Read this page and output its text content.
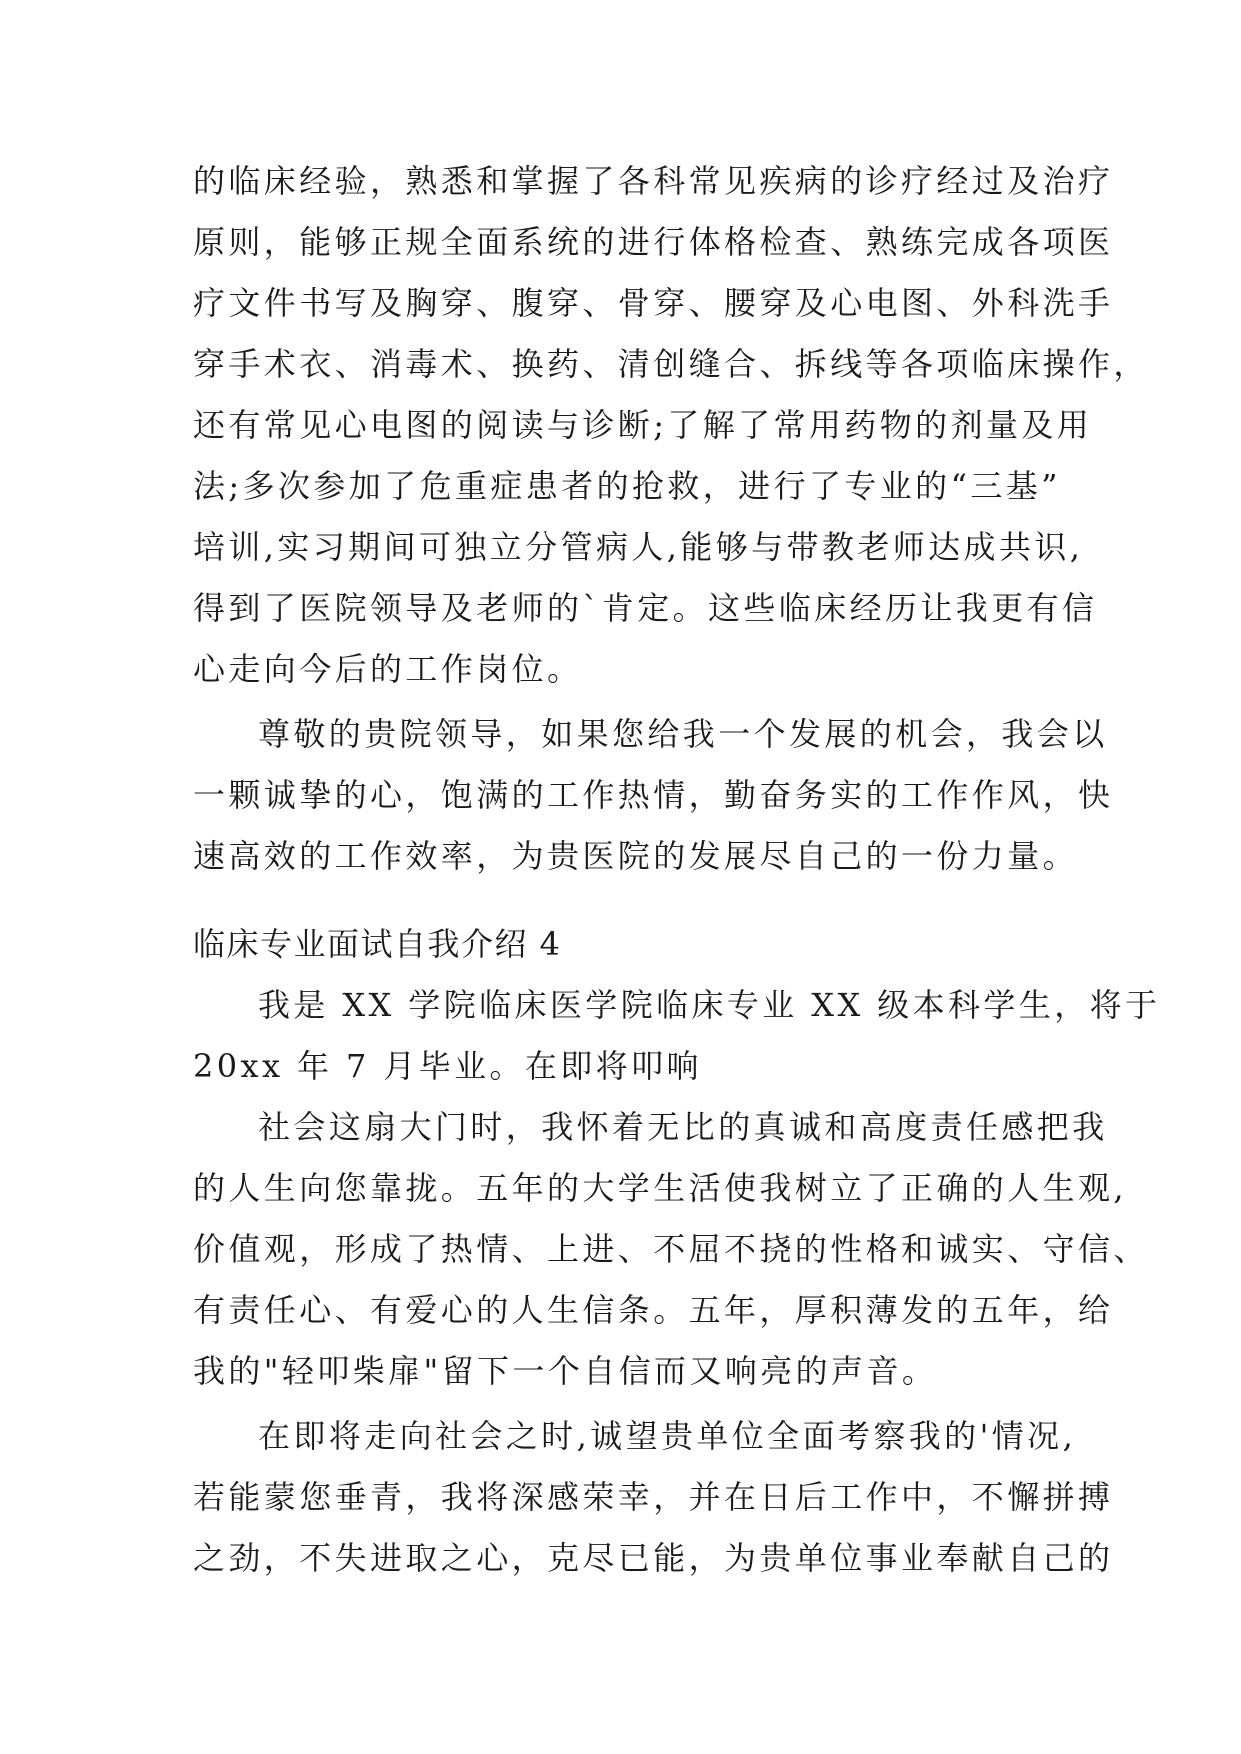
的临床经验，熟悉和掌握了各科常见疾病的诊疗经过及治疗

原则，能够正规全面系统的进行体格检查、熟练完成各项医

疗文件书写及胸穿、腹穿、骨穿、腰穿及心电图、外科洗手

穿手术衣、消毒术、换药、清创缝合、拆线等各项临床操作，

还有常见心电图的阅读与诊断;了解了常用药物的剂量及用

法;多次参加了危重症患者的抢救，进行了专业的“三基”

培训,实习期间可独立分管病人,能够与带教老师达成共识,

得到了医院领导及老师的`肯定。这些临床经历让我更有信

心走向今后的工作岗位。

尊敬的贵院领导，如果您给我一个发展的机会，我会以

一颗诚挚的心，饱满的工作热情，勤奋务实的工作作风，快

速高效的工作效率，为贵医院的发展尽自己的一份力量。

临床专业面试自我介绍 4

我是 XX 学院临床医学院临床专业 XX 级本科学生，将于

20xx 年 7 月毕业。在即将叩响

社会这扇大门时，我怀着无比的真诚和高度责任感把我

的人生向您靠拢。五年的大学生活使我树立了正确的人生观,

价值观，形成了热情、上进、不屈不挠的性格和诚实、守信、

有责任心、有爱心的人生信条。五年，厚积薄发的五年，给

我的"轻叩柴扉"留下一个自信而又响亮的声音。

在即将走向社会之时,诚望贵单位全面考察我的'情况,

若能蒙您垂青，我将深感荣幸，并在日后工作中，不懈拼搏

之劲，不失进取之心，克尽已能，为贵单位事业奉献自己的
